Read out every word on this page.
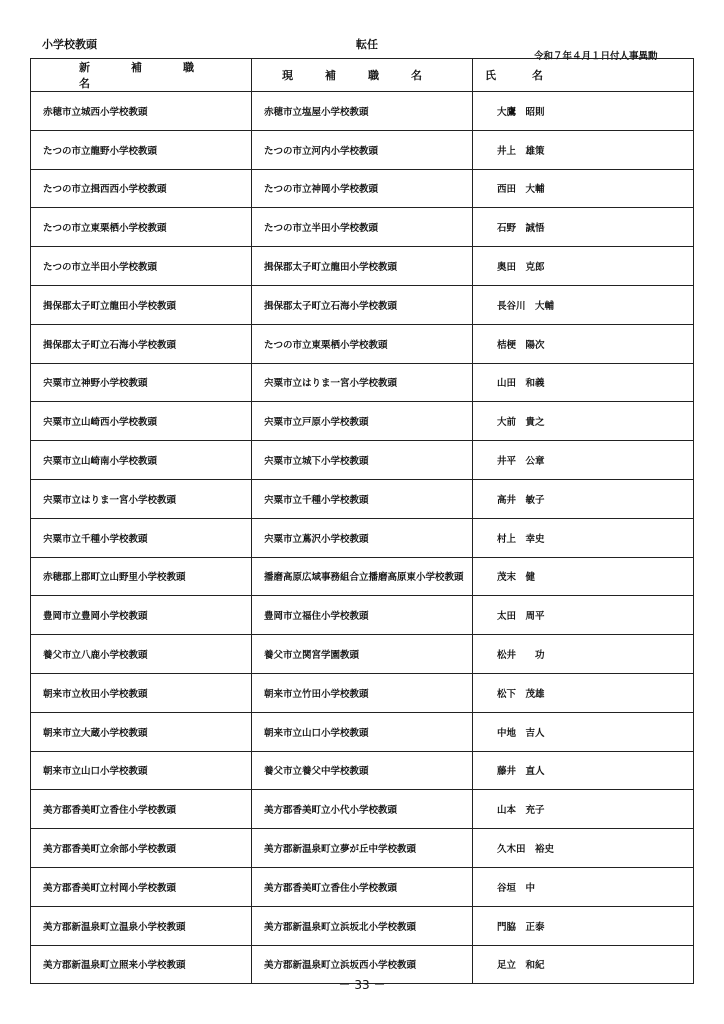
小学校教頭	転任
令和７年４月１日付人事異動
新補職名	現補職名	氏名
赤穂市立城西小学校教頭	赤穂市立塩屋小学校教頭	大鷹　昭則
たつの市立龍野小学校教頭	たつの市立河内小学校教頭	井上　雄策
たつの市立揖西西小学校教頭	たつの市立神岡小学校教頭	西田　大輔
たつの市立東栗栖小学校教頭	たつの市立半田小学校教頭	石野　誠悟
たつの市立半田小学校教頭	揖保郡太子町立龍田小学校教頭	奥田　克郎
揖保郡太子町立龍田小学校教頭	揖保郡太子町立石海小学校教頭	長谷川　大輔
揖保郡太子町立石海小学校教頭	たつの市立東栗栖小学校教頭	桔梗　陽次
宍粟市立神野小学校教頭	宍粟市立はりま一宮小学校教頭	山田　和義
宍粟市立山崎西小学校教頭	宍粟市立戸原小学校教頭	大前　貴之
宍粟市立山崎南小学校教頭	宍粟市立城下小学校教頭	井平　公章
宍粟市立はりま一宮小学校教頭	宍粟市立千種小学校教頭	高井　敏子
宍粟市立千種小学校教頭	宍粟市立蔦沢小学校教頭	村上　幸史
赤穂郡上郡町立山野里小学校教頭	播磨高原広域事務組合立播磨高原東小学校教頭	茂末　健
豊岡市立豊岡小学校教頭	豊岡市立福住小学校教頭	太田　周平
養父市立八鹿小学校教頭	養父市立関宮学園教頭	松井　　功
朝来市立枚田小学校教頭	朝来市立竹田小学校教頭	松下　茂雄
朝来市立大蔵小学校教頭	朝来市立山口小学校教頭	中地　吉人
朝来市立山口小学校教頭	養父市立養父中学校教頭	藤井　直人
美方郡香美町立香住小学校教頭	美方郡香美町立小代小学校教頭	山本　充子
美方郡香美町立余部小学校教頭	美方郡新温泉町立夢が丘中学校教頭	久木田　裕史
美方郡香美町立村岡小学校教頭	美方郡香美町立香住小学校教頭	谷垣　中
美方郡新温泉町立温泉小学校教頭	美方郡新温泉町立浜坂北小学校教頭	門脇　正泰
美方郡新温泉町立照来小学校教頭	美方郡新温泉町立浜坂西小学校教頭	足立　和紀
－ 33 －
